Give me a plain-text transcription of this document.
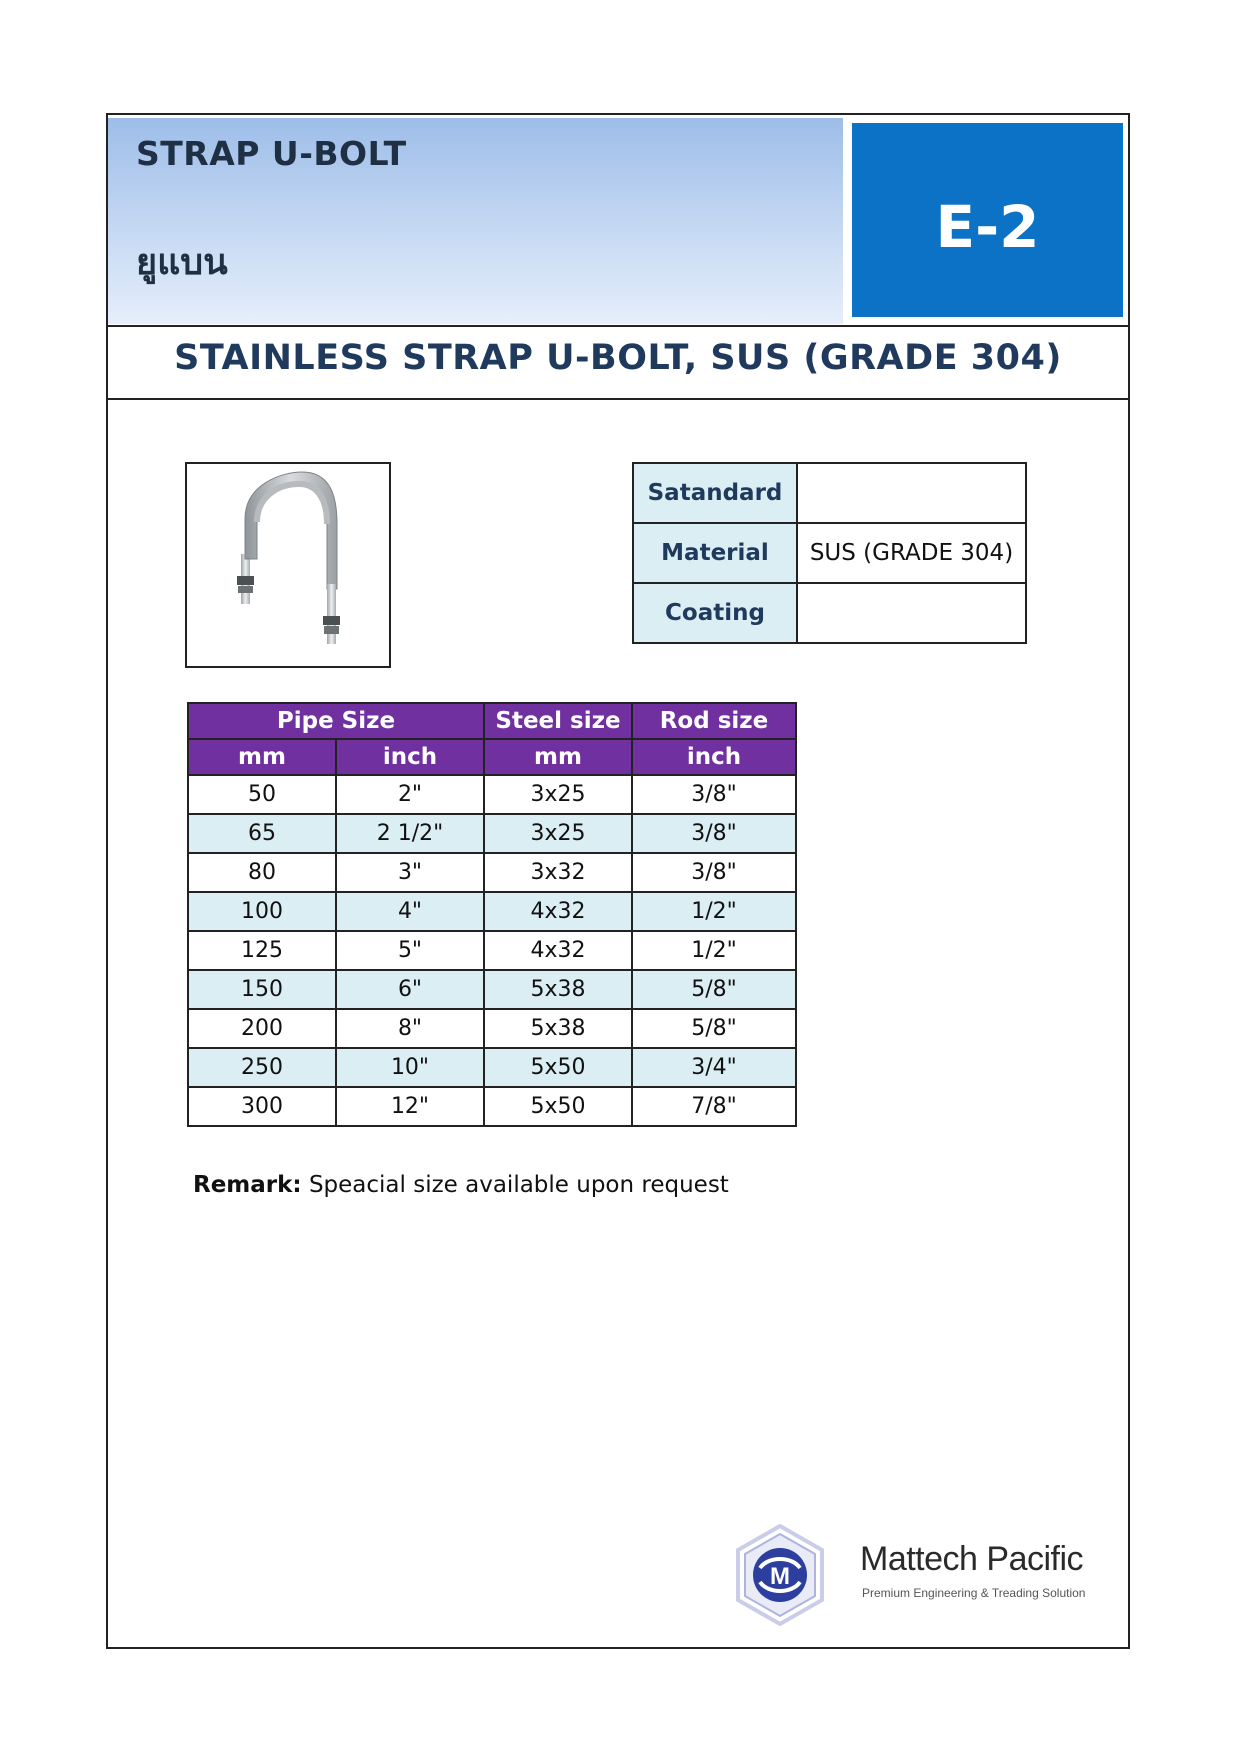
STRAP U-BOLT
ยูแบน
E-2
STAINLESS STRAP U-BOLT, SUS (GRADE 304)
Satandard	
Material	SUS (GRADE 304)
Coating	
Pipe Size		Steel size	Rod size
mm	inch	mm	inch
50	2"	3x25	3/8"
65	2 1/2"	3x25	3/8"
80	3"	3x32	3/8"
100	4"	4x32	1/2"
125	5"	4x32	1/2"
150	6"	5x38	5/8"
200	8"	5x38	5/8"
250	10"	5x50	3/4"
300	12"	5x50	7/8"
Remark: Speacial size available upon request
M Mattech Pacific
Premium Engineering & Treading Solution
